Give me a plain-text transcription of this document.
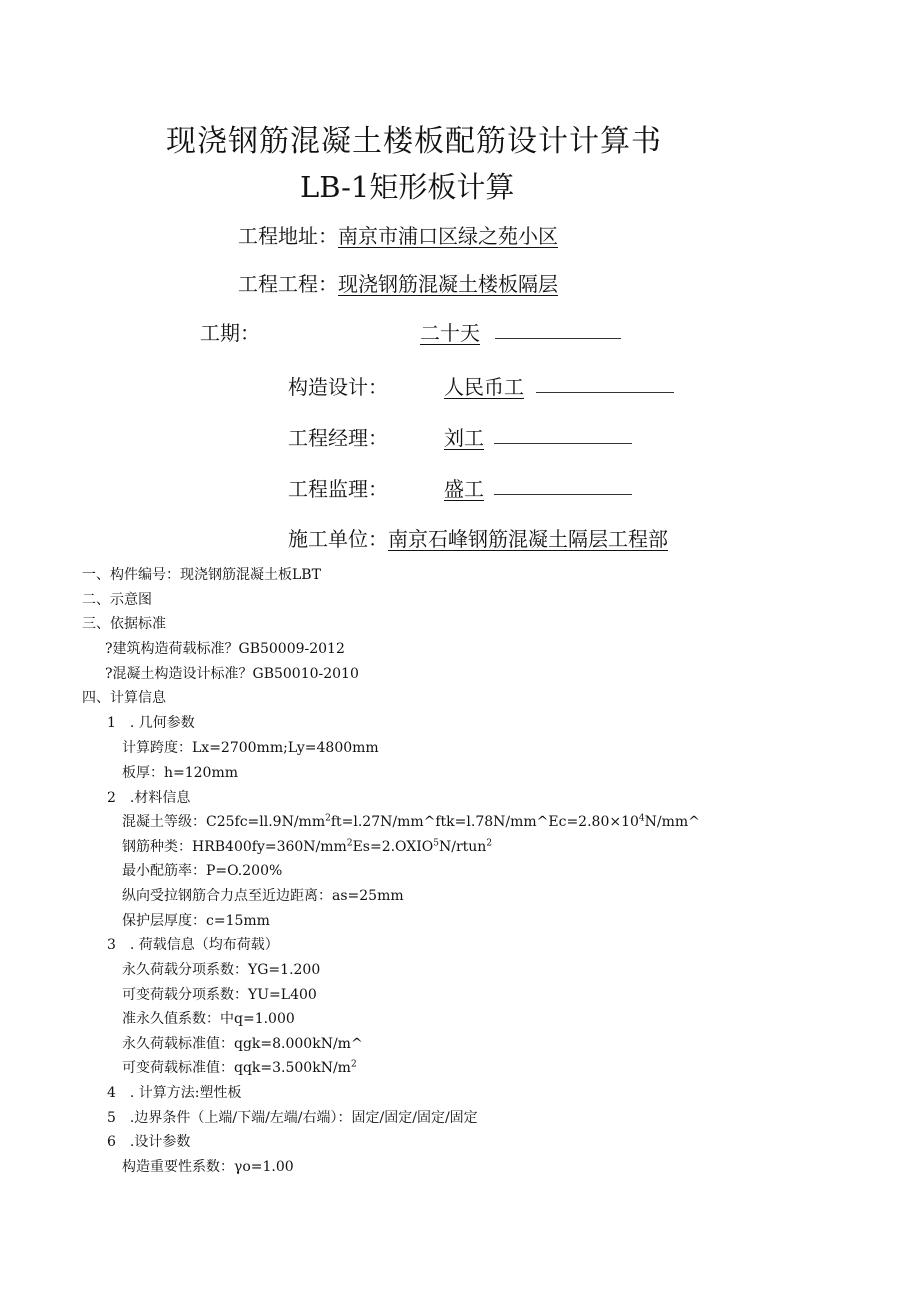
现浇钢筋混凝土楼板配筋设计计算书
LB-1矩形板计算
工程地址：南京市浦口区绿之苑小区
工程工程：现浇钢筋混凝土楼板隔层
工期：	二十天
构造设计：	人民币工
工程经理：	刘工
工程监理：	盛工
施工单位：南京石峰钢筋混凝土隔层工程部
一、构件编号：现浇钢筋混凝土板LBT
二、示意图
三、依据标准
?建筑构造荷载标准？GB50009-2012
?混凝土构造设计标准？GB50010-2010
四、计算信息
1　. 几何参数
计算跨度：Lx=2700mm;Ly=4800mm
板厚：h=120mm
2　.材料信息
混凝土等级：$C25fc=ll.9N∕mm^2ft=l.27N∕mm\^{}ftk=l.78N∕mm\^{}Ec=2.80\times 10^4N∕mm\^{}$
钢筋种类：$HRB400fy=360N∕mm^2Es=2.OXIO^5N∕rtun^2$
最小配筋率：P=O.200%
纵向受拉钢筋合力点至近边距离：as=25mm
保护层厚度：c=15mm
3　. 荷载信息（均布荷载）
永久荷载分项系数：YG=1.200
可变荷载分项系数：YU=L400
准永久值系数：中q=1.000
永久荷载标准值：qgk=8.000kN∕m^
可变荷载标准值：$qqk=3.500kN∕m^2$
4　. 计算方法:塑性板
5　.边界条件（上端/下端/左端/右端）：固定/固定/固定/固定
6　.设计参数
构造重要性系数：γo=1.00
